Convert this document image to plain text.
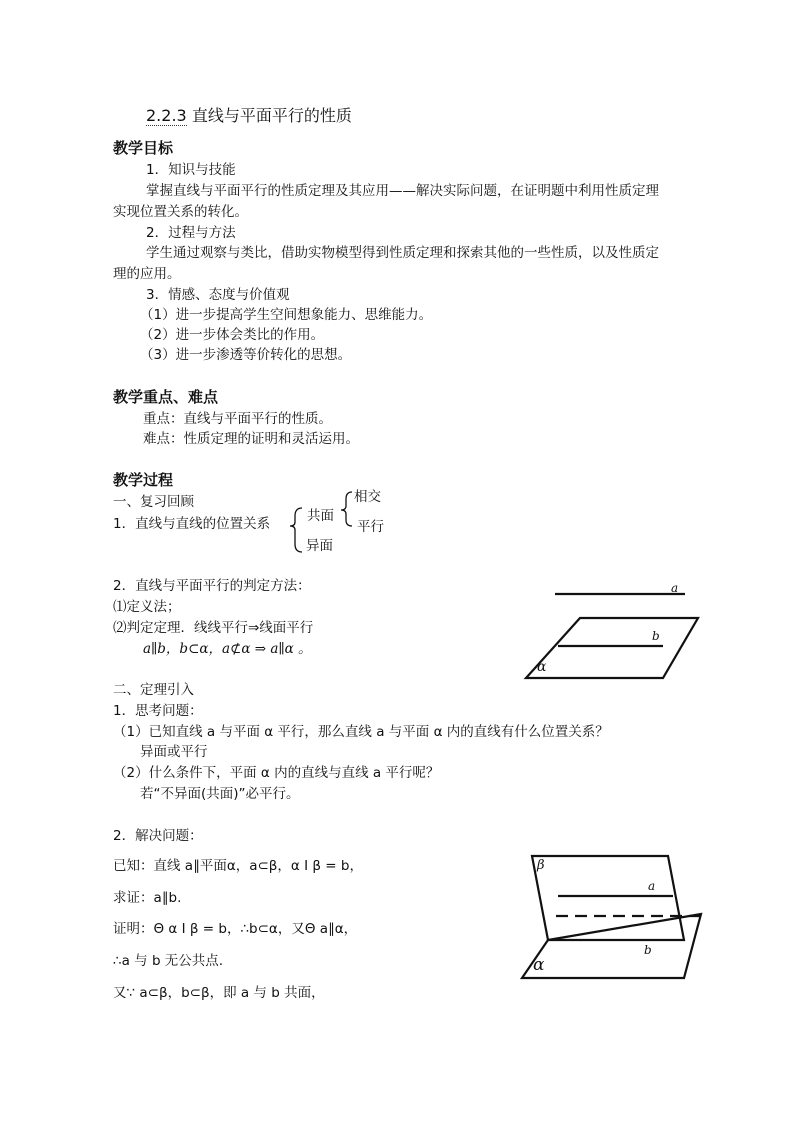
2.2.3 直线与平面平行的性质
教学目标
1．知识与技能
掌握直线与平面平行的性质定理及其应用——解决实际问题，在证明题中利用性质定理
实现位置关系的转化。
2．过程与方法
学生通过观察与类比，借助实物模型得到性质定理和探索其他的一些性质，以及性质定
理的应用。
3．情感、态度与价值观
（1）进一步提高学生空间想象能力、思维能力。
（2）进一步体会类比的作用。
（3）进一步渗透等价转化的思想。
教学重点、难点
重点：直线与平面平行的性质。
难点：性质定理的证明和灵活运用。
教学过程
一、复习回顾
1．直线与直线的位置关系	共面
相交
平行
异面
2．直线与平面平行的判定方法：
⑴定义法；
⑵判定定理．线线平行⇒线面平行
a∥b，b⊂α，a⊄α ⇒ a∥α 。
a
b
α
二、定理引入
1．思考问题：
（1）已知直线 a 与平面 α 平行，那么直线 a 与平面 α 内的直线有什么位置关系？
异面或平行
（2）什么条件下，平面 α 内的直线与直线 a 平行呢？
若“不异面(共面)”必平行。
2．解决问题：
已知：直线 a∥平面α，a⊂β，α I β = b，
求证：a∥b.
证明：Θ α I β = b，∴b⊂α，又Θ a∥α，
∴a 与 b 无公共点.
又∵ a⊂β，b⊂β，即 a 与 b 共面，
β
a
b
α
